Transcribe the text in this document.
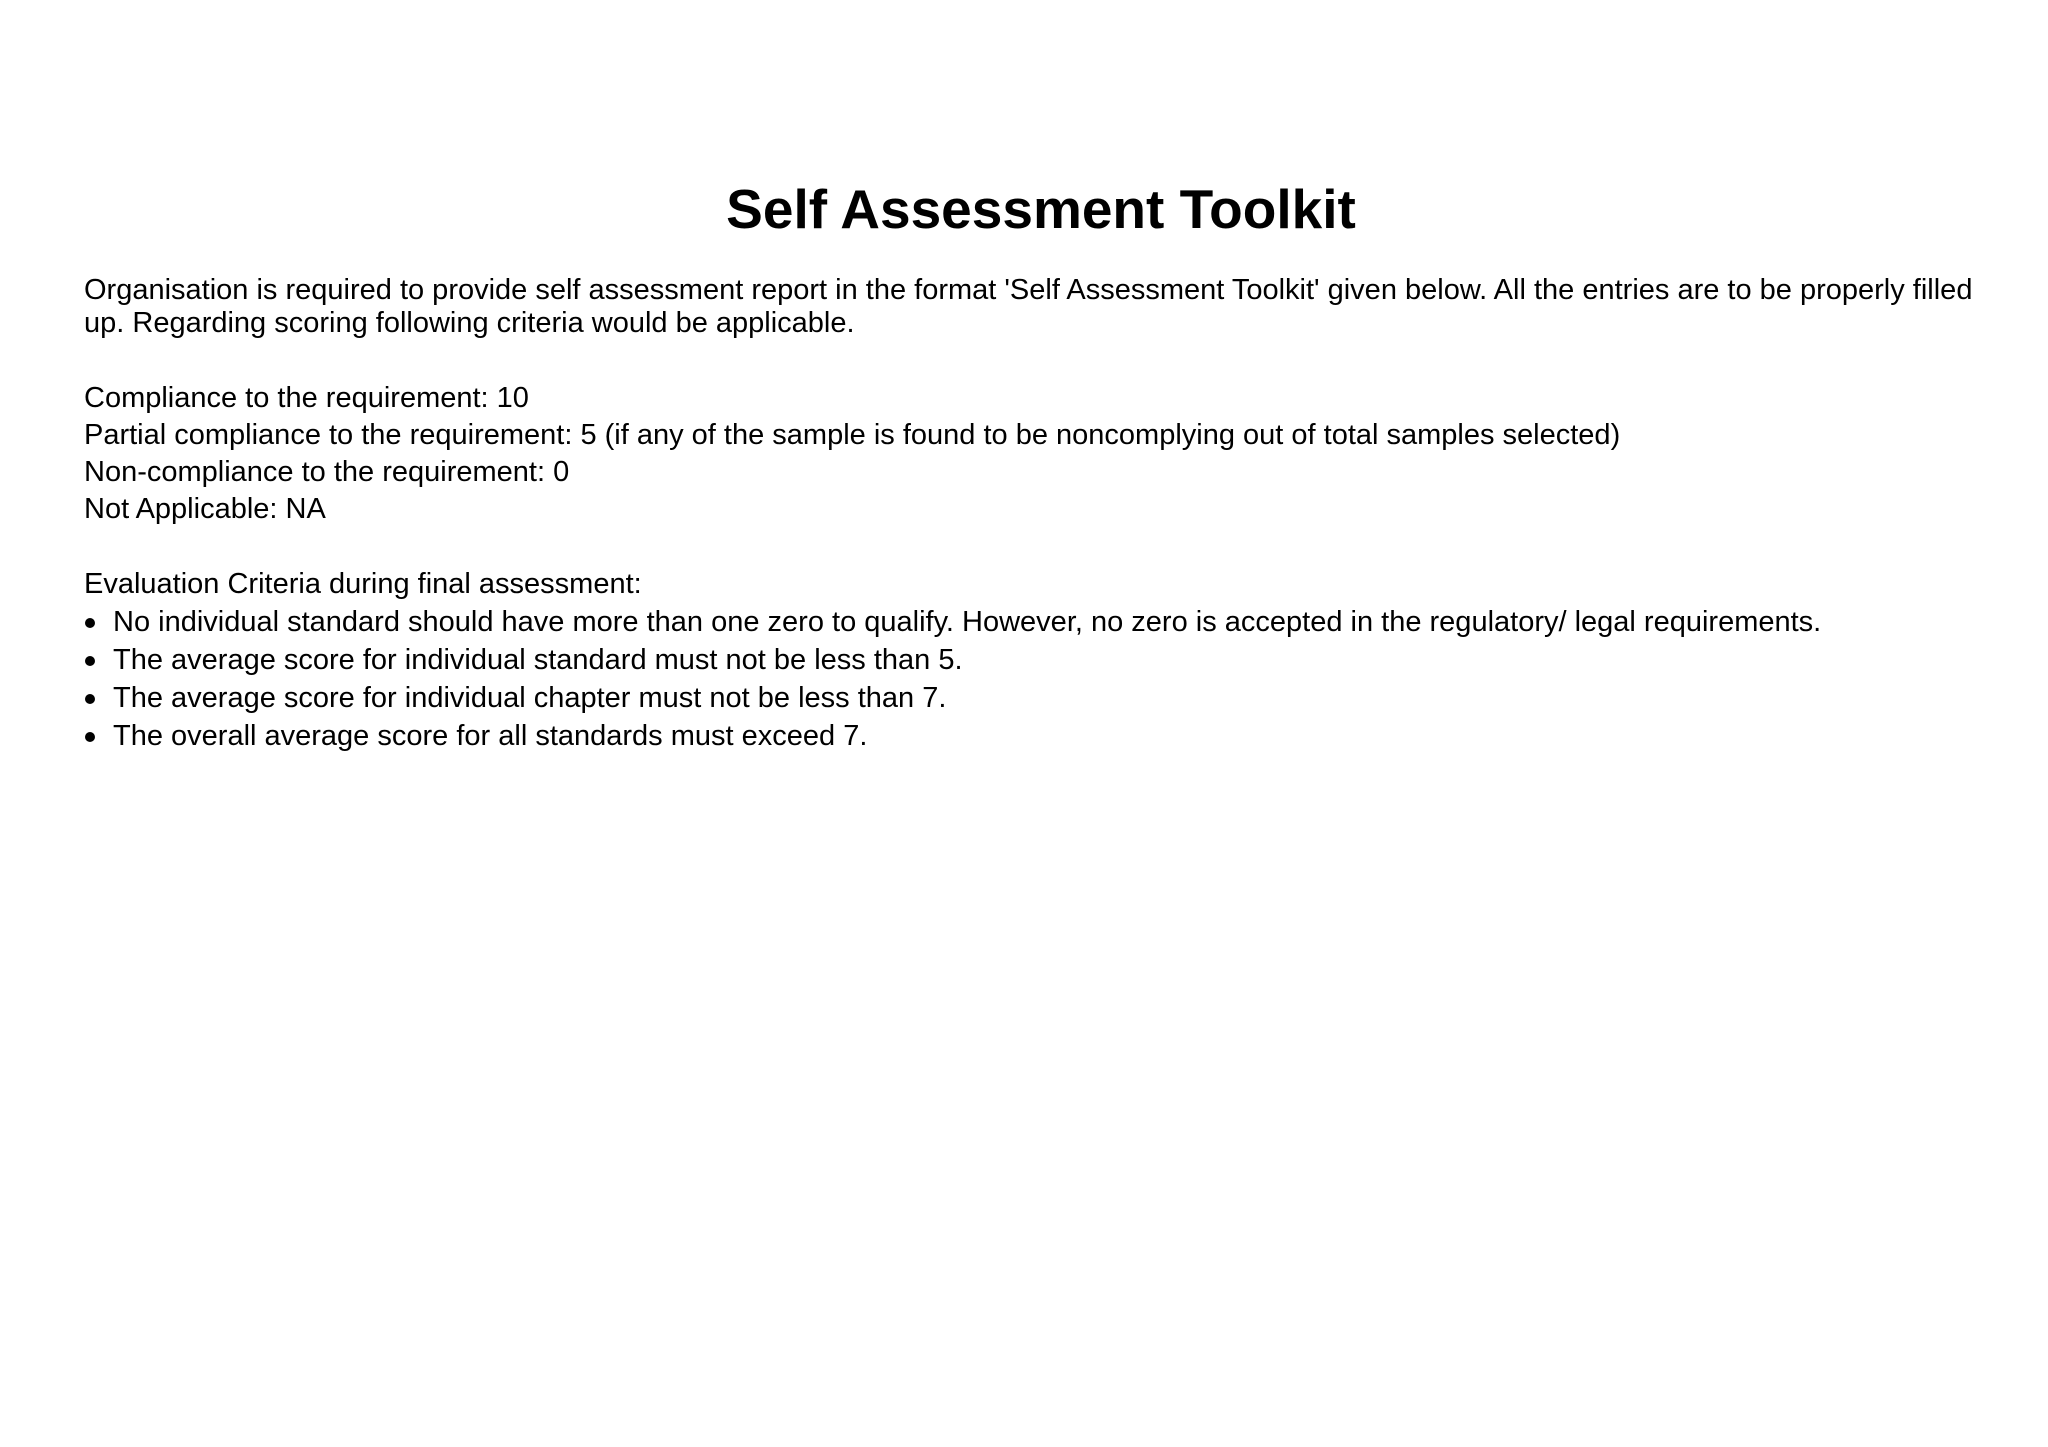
Self Assessment Toolkit

Organisation is required to provide self assessment report in the format 'Self Assessment Toolkit' given below. All the entries are to be properly filled up. Regarding scoring following criteria would be applicable.

Compliance to the requirement: 10
Partial compliance to the requirement: 5 (if any of the sample is found to be noncomplying out of total samples selected)
Non-compliance to the requirement: 0
Not Applicable: NA
Evaluation Criteria during final assessment:
No individual standard should have more than one zero to qualify. However, no zero is accepted in the regulatory/ legal requirements.
The average score for individual standard must not be less than 5.
The average score for individual chapter must not be less than 7.
The overall average score for all standards must exceed 7.
